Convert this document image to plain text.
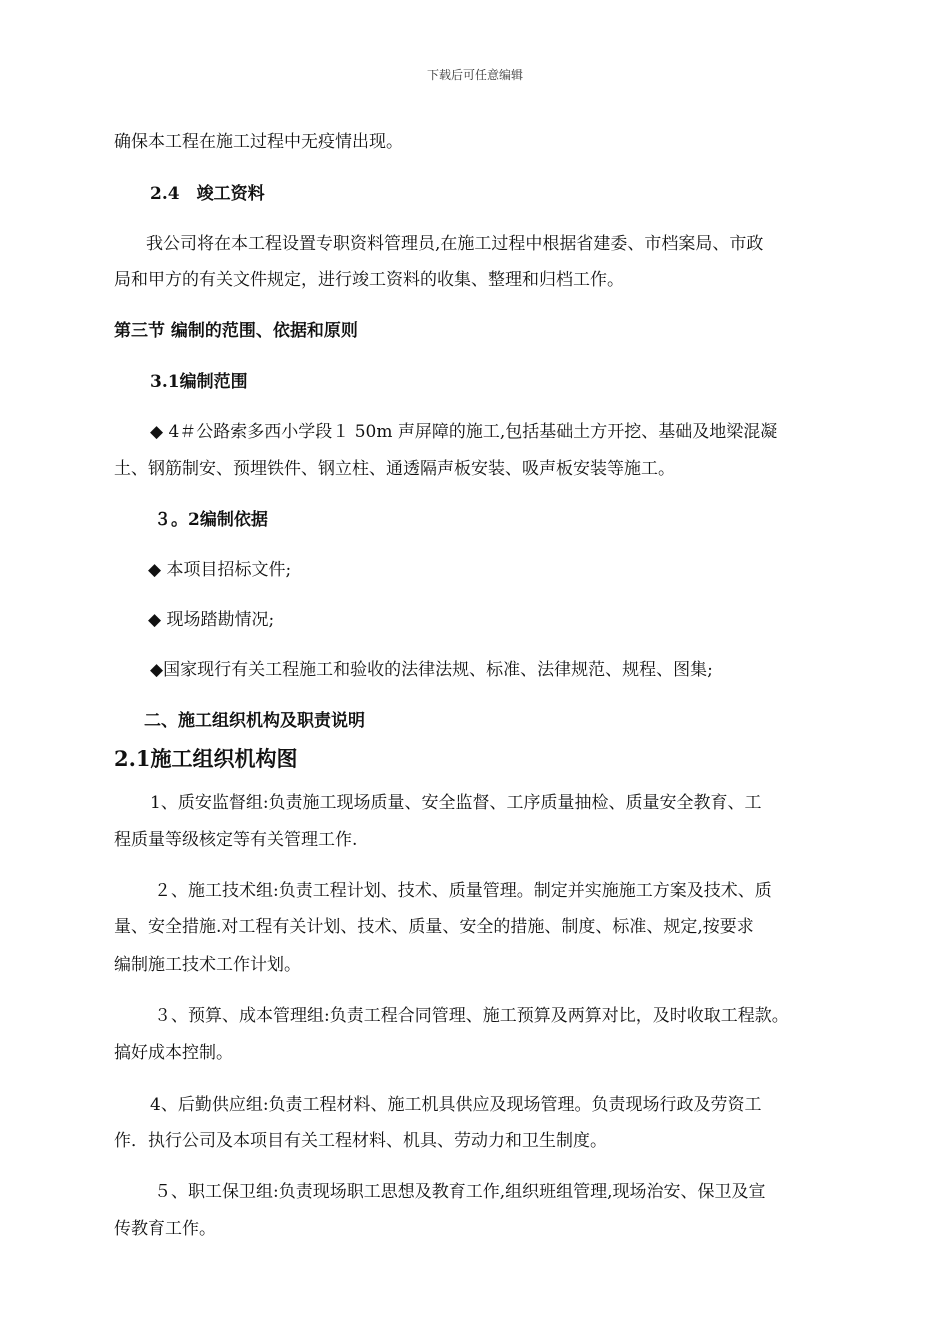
下载后可任意编辑
确保本工程在施工过程中无疫情出现。
2.4　竣工资料
我公司将在本工程设置专职资料管理员,在施工过程中根据省建委、市档案局、市政
局和甲方的有关文件规定，进行竣工资料的收集、整理和归档工作。
第三节 编制的范围、依据和原则
3.1编制范围
◆ 4＃公路索多西小学段１ 50m 声屏障的施工,包括基础土方开挖、基础及地梁混凝
土、钢筋制安、预埋铁件、钢立柱、通透隔声板安装、吸声板安装等施工。
３。2编制依据
◆ 本项目招标文件;
◆ 现场踏勘情况;
◆国家现行有关工程施工和验收的法律法规、标准、法律规范、规程、图集;
二、施工组织机构及职责说明
2.1施工组织机构图
1、质安监督组:负责施工现场质量、安全监督、工序质量抽检、质量安全教育、工
程质量等级核定等有关管理工作.
２、施工技术组:负责工程计划、技术、质量管理。制定并实施施工方案及技术、质
量、安全措施.对工程有关计划、技术、质量、安全的措施、制度、标准、规定,按要求
编制施工技术工作计划。
３、预算、成本管理组:负责工程合同管理、施工预算及两算对比，及时收取工程款。
搞好成本控制。
4、后勤供应组:负责工程材料、施工机具供应及现场管理。负责现场行政及劳资工
作．执行公司及本项目有关工程材料、机具、劳动力和卫生制度。
５、职工保卫组:负责现场职工思想及教育工作,组织班组管理,现场治安、保卫及宣
传教育工作。
